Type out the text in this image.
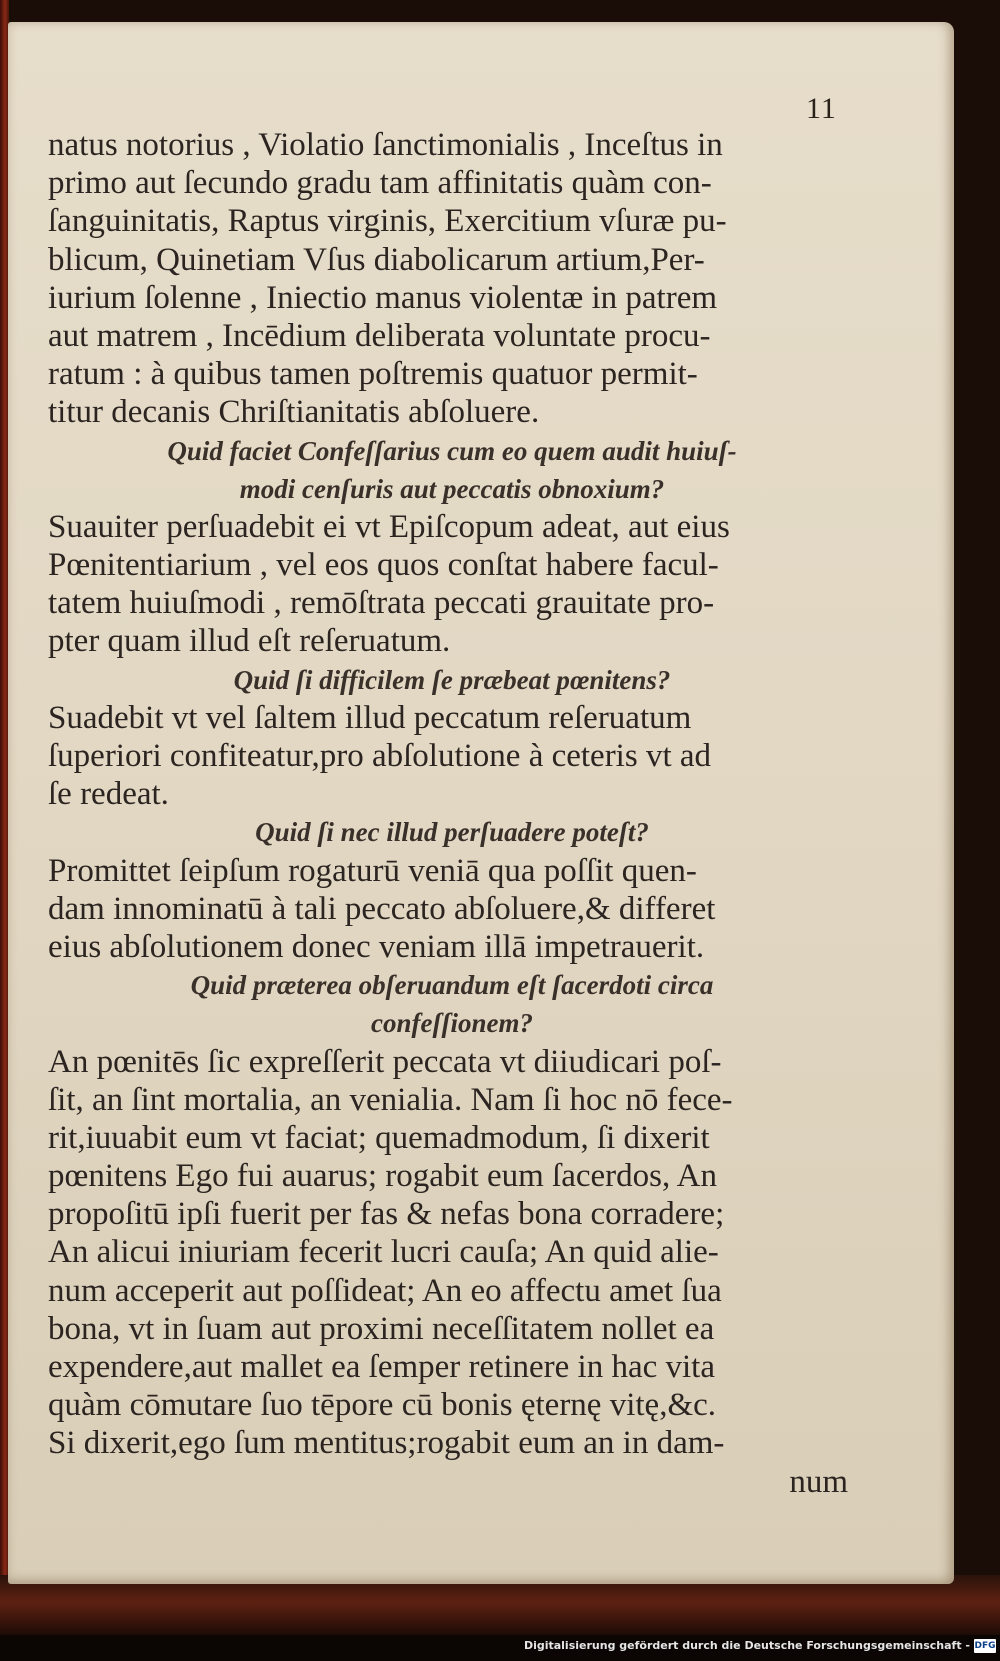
11
natus notorius , Violatio ſanctimonialis , Inceſtus in
primo aut ſecundo gradu tam affinitatis quàm con-
ſanguinitatis, Raptus virginis, Exercitium vſuræ pu-
blicum, Quinetiam Vſus diabolicarum artium,Per-
iurium ſolenne , Iniectio manus violentæ in patrem
aut matrem , Incēdium deliberata voluntate procu-
ratum : à quibus tamen poſtremis quatuor permit-
titur decanis Chriſtianitatis abſoluere.
Quid faciet Confeſſarius cum eo quem audit huiuſ-
modi cenſuris aut peccatis obnoxium?
Suauiter perſuadebit ei vt Epiſcopum adeat, aut eius
Pœnitentiarium , vel eos quos conſtat habere facul-
tatem huiuſmodi , remōſtrata peccati grauitate pro-
pter quam illud eſt reſeruatum.
Quid ſi difficilem ſe præbeat pœnitens?
Suadebit vt vel ſaltem illud peccatum reſeruatum
ſuperiori confiteatur,pro abſolutione à ceteris vt ad
ſe redeat.
Quid ſi nec illud perſuadere poteſt?
Promittet ſeipſum rogaturū veniā qua poſſit quen-
dam innominatū à tali peccato abſoluere,& differet
eius abſolutionem donec veniam illā impetrauerit.
Quid præterea obſeruandum eſt ſacerdoti circa
confeſſionem?
An pœnitēs ſic expreſſerit peccata vt diiudicari poſ-
ſit, an ſint mortalia, an venialia. Nam ſi hoc nō fece-
rit,iuuabit eum vt faciat; quemadmodum, ſi dixerit
pœnitens Ego fui auarus; rogabit eum ſacerdos, An
propoſitū ipſi fuerit per fas & nefas bona corradere;
An alicui iniuriam fecerit lucri cauſa; An quid alie-
num acceperit aut poſſideat; An eo affectu amet ſua
bona, vt in ſuam aut proximi neceſſitatem nollet ea
expendere,aut mallet ea ſemper retinere in hac vita
quàm cōmutare ſuo tēpore cū bonis ęternę vitę,&c.
Si dixerit,ego ſum mentitus;rogabit eum an in dam-
num
Digitalisierung gefördert durch die Deutsche Forschungsgemeinschaft - DFG
